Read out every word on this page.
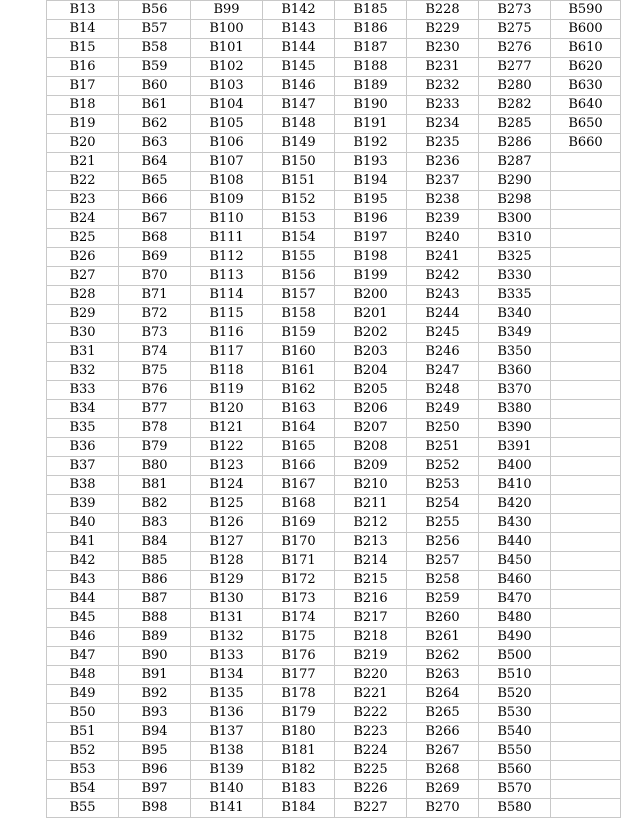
B13	B56	B99	B142	B185	B228	B273	B590
B14	B57	B100	B143	B186	B229	B275	B600
B15	B58	B101	B144	B187	B230	B276	B610
B16	B59	B102	B145	B188	B231	B277	B620
B17	B60	B103	B146	B189	B232	B280	B630
B18	B61	B104	B147	B190	B233	B282	B640
B19	B62	B105	B148	B191	B234	B285	B650
B20	B63	B106	B149	B192	B235	B286	B660
B21	B64	B107	B150	B193	B236	B287	
B22	B65	B108	B151	B194	B237	B290	
B23	B66	B109	B152	B195	B238	B298	
B24	B67	B110	B153	B196	B239	B300	
B25	B68	B111	B154	B197	B240	B310	
B26	B69	B112	B155	B198	B241	B325	
B27	B70	B113	B156	B199	B242	B330	
B28	B71	B114	B157	B200	B243	B335	
B29	B72	B115	B158	B201	B244	B340	
B30	B73	B116	B159	B202	B245	B349	
B31	B74	B117	B160	B203	B246	B350	
B32	B75	B118	B161	B204	B247	B360	
B33	B76	B119	B162	B205	B248	B370	
B34	B77	B120	B163	B206	B249	B380	
B35	B78	B121	B164	B207	B250	B390	
B36	B79	B122	B165	B208	B251	B391	
B37	B80	B123	B166	B209	B252	B400	
B38	B81	B124	B167	B210	B253	B410	
B39	B82	B125	B168	B211	B254	B420	
B40	B83	B126	B169	B212	B255	B430	
B41	B84	B127	B170	B213	B256	B440	
B42	B85	B128	B171	B214	B257	B450	
B43	B86	B129	B172	B215	B258	B460	
B44	B87	B130	B173	B216	B259	B470	
B45	B88	B131	B174	B217	B260	B480	
B46	B89	B132	B175	B218	B261	B490	
B47	B90	B133	B176	B219	B262	B500	
B48	B91	B134	B177	B220	B263	B510	
B49	B92	B135	B178	B221	B264	B520	
B50	B93	B136	B179	B222	B265	B530	
B51	B94	B137	B180	B223	B266	B540	
B52	B95	B138	B181	B224	B267	B550	
B53	B96	B139	B182	B225	B268	B560	
B54	B97	B140	B183	B226	B269	B570	
B55	B98	B141	B184	B227	B270	B580	
